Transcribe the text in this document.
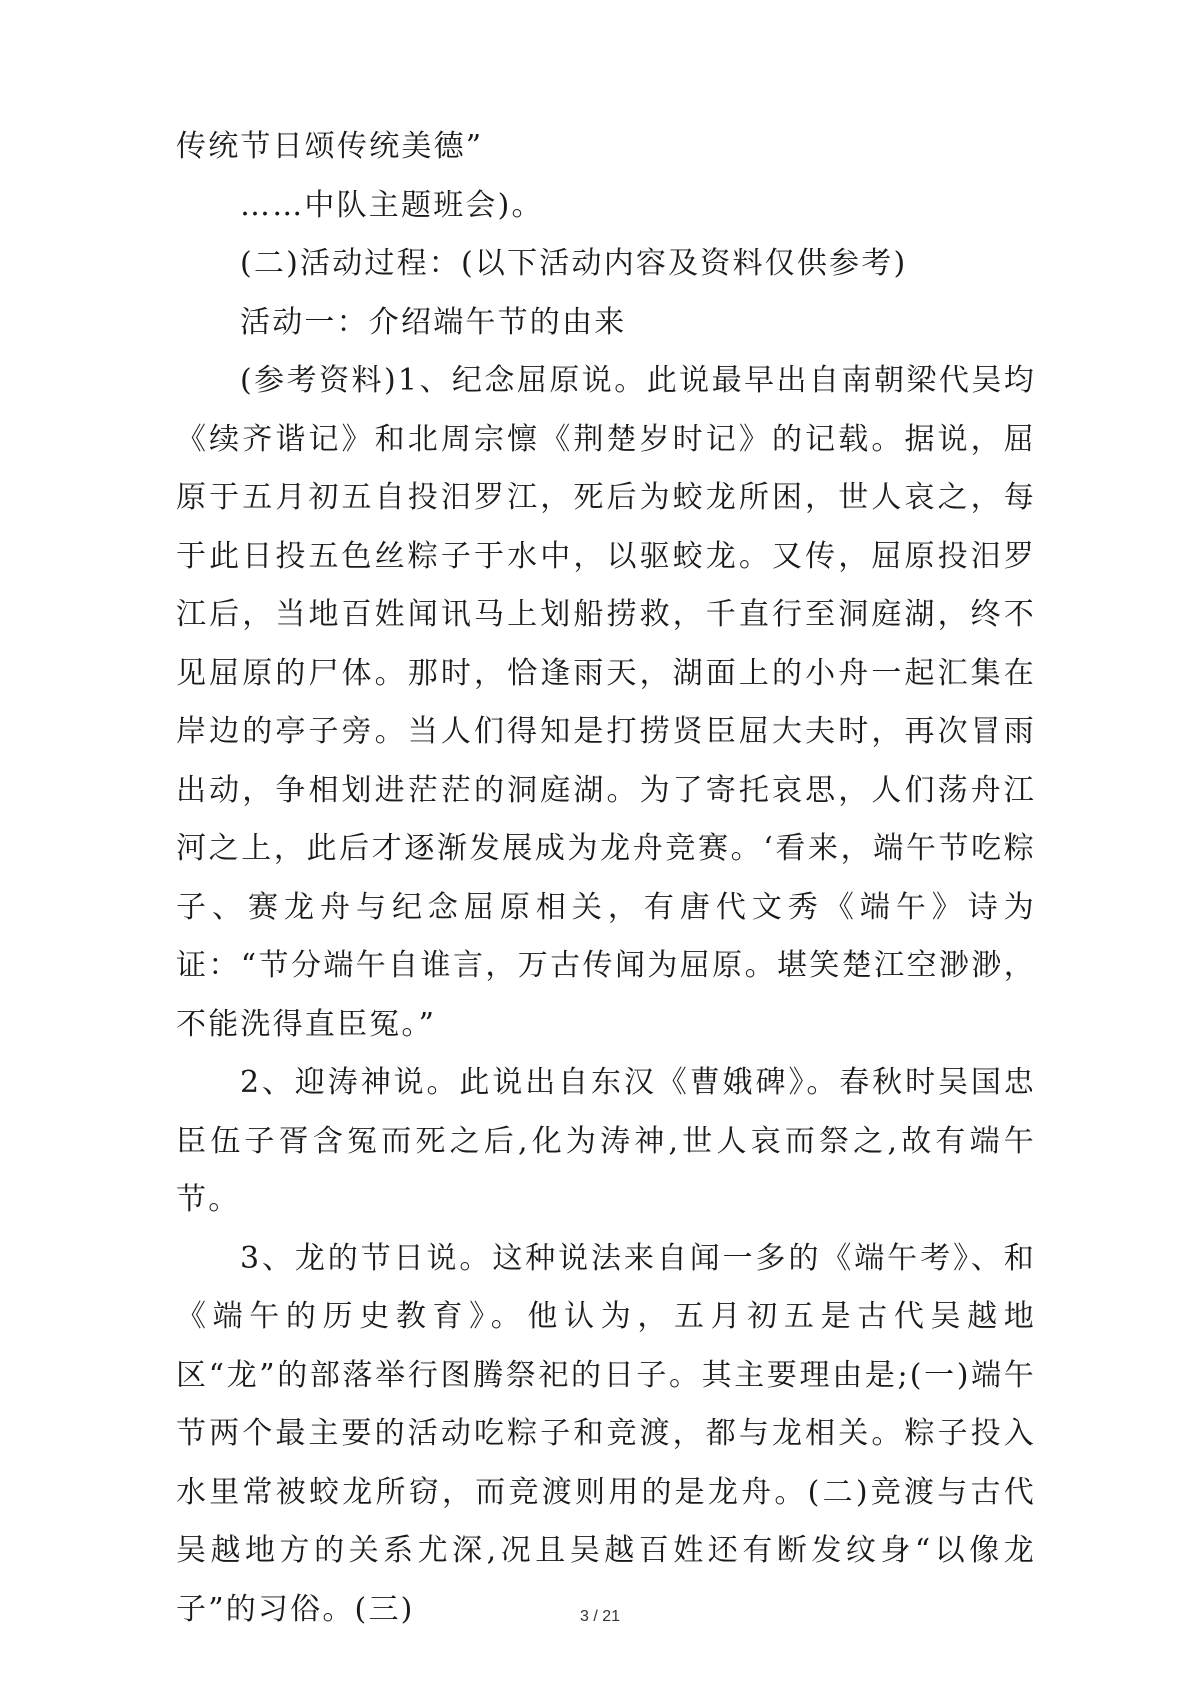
传统节日颂传统美德”

……中队主题班会)。

(二)活动过程：(以下活动内容及资料仅供参考)

活动一：介绍端午节的由来

(参考资料)1、纪念屈原说。此说最早出自南朝梁代吴均《续齐谐记》和北周宗懔《荆楚岁时记》的记载。据说，屈原于五月初五自投汨罗江，死后为蛟龙所困，世人哀之，每于此日投五色丝粽子于水中，以驱蛟龙。又传，屈原投汨罗江后，当地百姓闻讯马上划船捞救，千直行至洞庭湖，终不见屈原的尸体。那时，恰逢雨天，湖面上的小舟一起汇集在岸边的亭子旁。当人们得知是打捞贤臣屈大夫时，再次冒雨出动，争相划进茫茫的洞庭湖。为了寄托哀思，人们荡舟江河之上，此后才逐渐发展成为龙舟竞赛。‘看来，端午节吃粽子、赛龙舟与纪念屈原相关，有唐代文秀《端午》诗为证：“节分端午自谁言，万古传闻为屈原。堪笑楚江空渺渺，不能洗得直臣冤。”

2、迎涛神说。此说出自东汉《曹娥碑》。春秋时吴国忠臣伍子胥含冤而死之后,化为涛神,世人哀而祭之,故有端午节。

3、龙的节日说。这种说法来自闻一多的《端午考》、和《端午的历史教育》。他认为，五月初五是古代吴越地区“龙”的部落举行图腾祭祀的日子。其主要理由是;(一)端午节两个最主要的活动吃粽子和竞渡，都与龙相关。粽子投入水里常被蛟龙所窃，而竞渡则用的是龙舟。(二)竞渡与古代吴越地方的关系尤深,况且吴越百姓还有断发纹身“以像龙子”的习俗。(三)	3 / 21
